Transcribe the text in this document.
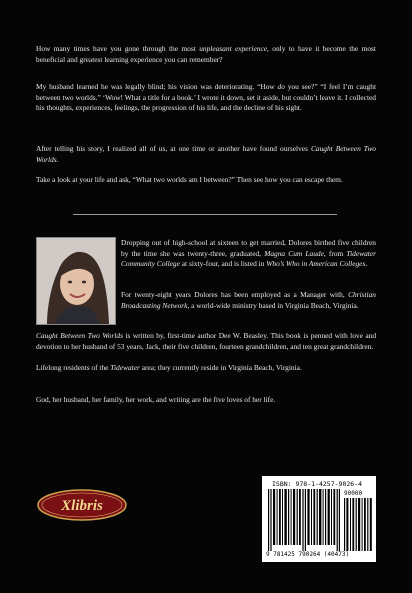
How many times have you gone through the most unpleasant experience, only to have it become the most beneficial and greatest learning experience you can remember?

My husband learned he was legally blind; his vision was deteriorating. “How do you see?” “I feel I’m caught between two worlds.” ‘Wow! What a title for a book.’ I wrote it down, set it aside, but couldn’t leave it. I collected his thoughts, experiences, feelings, the progression of his life, and the decline of his sight.

After telling his story, I realized all of us, at one time or another have found ourselves Caught Between Two Worlds.

Take a look at your life and ask, “What two worlds am I between?” Then see how you can escape them.

Dropping out of high-school at sixteen to get married, Dolores birthed five children by the time she was twenty-three, graduated, Magna Cum Laude, from Tidewater Community College at sixty-four, and is listed in Who’s Who in American Colleges.

For twenty-eight years Dolores has been employed as a Manager with, Christian Broadcasting Network, a world-wide ministry based in Virginia Beach, Virginia.

Caught Between Two Worlds is written by, first-time author Dee W. Beasley. This book is penned with love and devotion to her husband of 53 years, Jack, their five children, fourteen grandchildren, and ten great grandchildren.

Lifelong residents of the Tidewater area; they currently reside in Virginia Beach, Virginia.

God, her husband, her family, her work, and writing are the five loves of her life.

Xlibris
ISBN: 978-1-4257-9026-4
90000
9 781425 790264 (40473)
